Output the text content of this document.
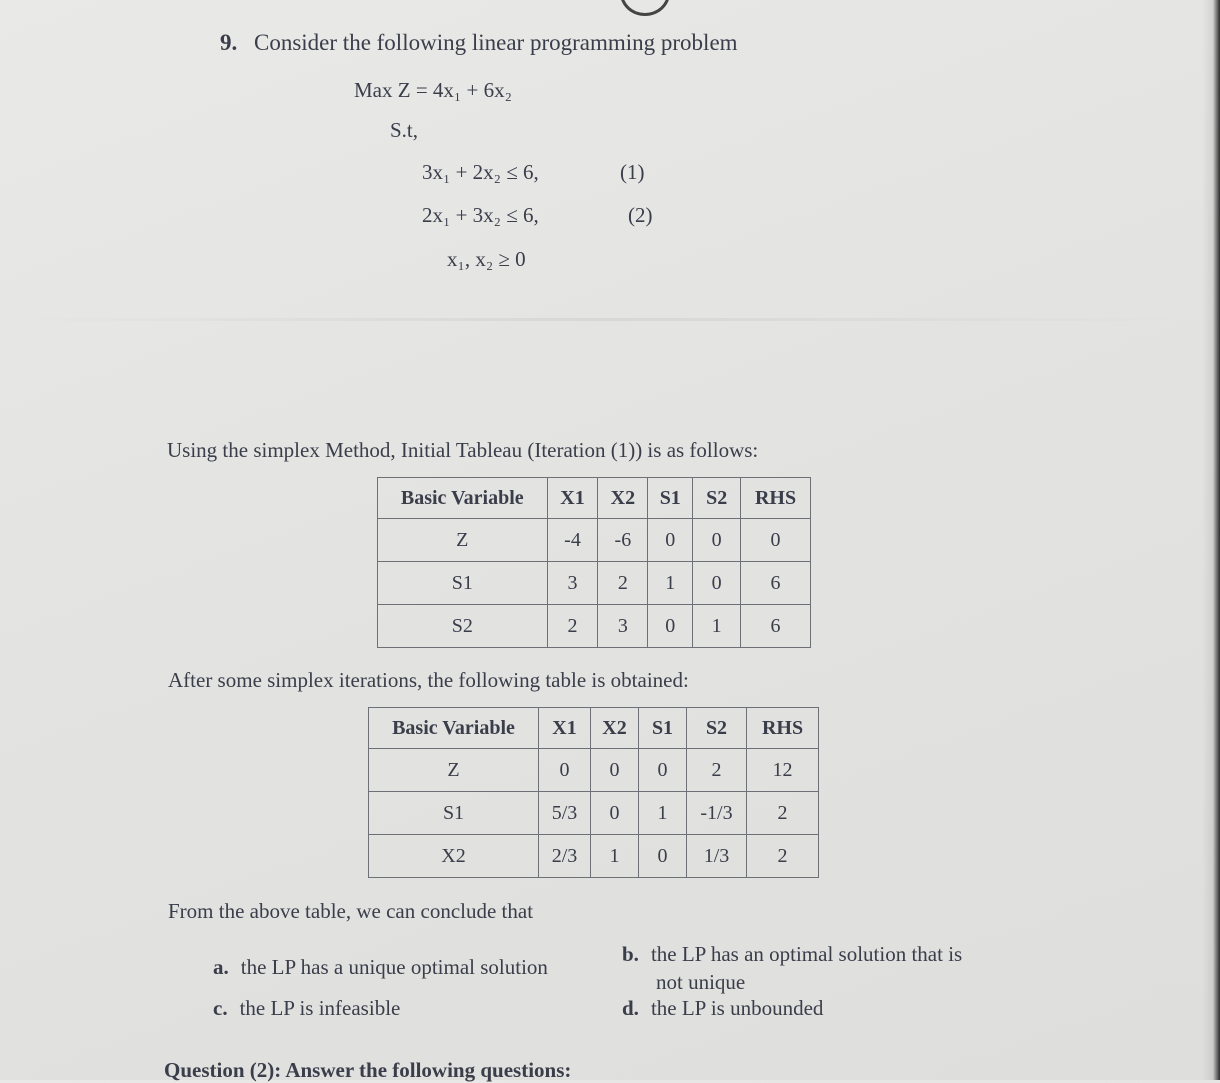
9. Consider the following linear programming problem
Max Z = 4x₁ + 6x₂
S.t,
3x₁ + 2x₂ ≤ 6,	(1)
2x₁ + 3x₂ ≤ 6,	(2)
x₁, x₂ ≥ 0
Using the simplex Method, Initial Tableau (Iteration (1)) is as follows:
Basic Variable	X1	X2	S1	S2	RHS
Z	-4	-6	0	0	0
S1	3	2	1	0	6
S2	2	3	0	1	6
After some simplex iterations, the following table is obtained:
Basic Variable	X1	X2	S1	S2	RHS
Z	0	0	0	2	12
S1	5/3	0	1	-1/3	2
X2	2/3	1	0	1/3	2
From the above table, we can conclude that
a. the LP has a unique optimal solution
b. the LP has an optimal solution that is
not unique
c. the LP is infeasible	d. the LP is unbounded
Question (2): Answer the following questions:
